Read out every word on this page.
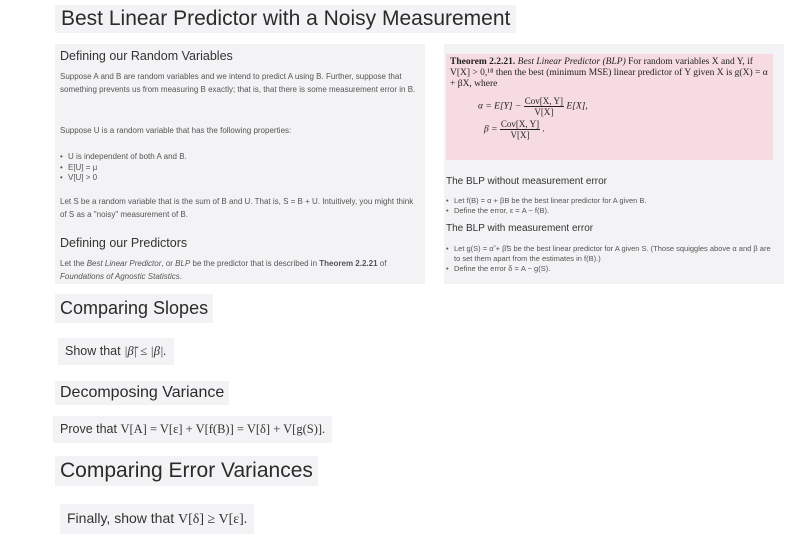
Best Linear Predictor with a Noisy Measurement
Defining our Random Variables
Suppose A and B are random variables and we intend to predict A using B. Further, suppose that something prevents us from measuring B exactly; that is, that there is some measurement error in B.
Suppose U is a random variable that has the following properties:
• U is independent of both A and B.
• E[U] = μ
• V[U] > 0
Let S be a random variable that is the sum of B and U. That is, S = B + U. Intuitively, you might think of S as a "noisy" measurement of B.
Defining our Predictors
Let the Best Linear Predictor, or BLP be the predictor that is described in Theorem 2.2.21 of Foundations of Agnostic Statistics.
Theorem 2.2.21. Best Linear Predictor (BLP) For random variables X and Y, if V[X] > 0,¹⁸ then the best (minimum MSE) linear predictor of Y given X is g(X) = α + βX, where
$\alpha = E[Y] - \frac{\text{Cov[X, Y]}}{V[X]} E[X]$,
$\beta = \frac{\text{Cov[X, Y]}}{V[X]}$ .
The BLP without measurement error
• Let f(B) = α + βB be the best linear predictor for A given B.
• Define the error, ε = A − f(B).
The BLP with measurement error
• Let g(S) = α̃ + β̃S be the best linear predictor for A given S. (Those squiggles above α and β are to set them apart from the estimates in f(B).)
• Define the error δ = A − g(S).
Comparing Slopes
Show that |β̃| ≤ |β|.
Decomposing Variance
Prove that V[A] = V[ε] + V[f(B)] = V[δ] + V[g(S)].
Comparing Error Variances
Finally, show that V[δ] ≥ V[ε].
